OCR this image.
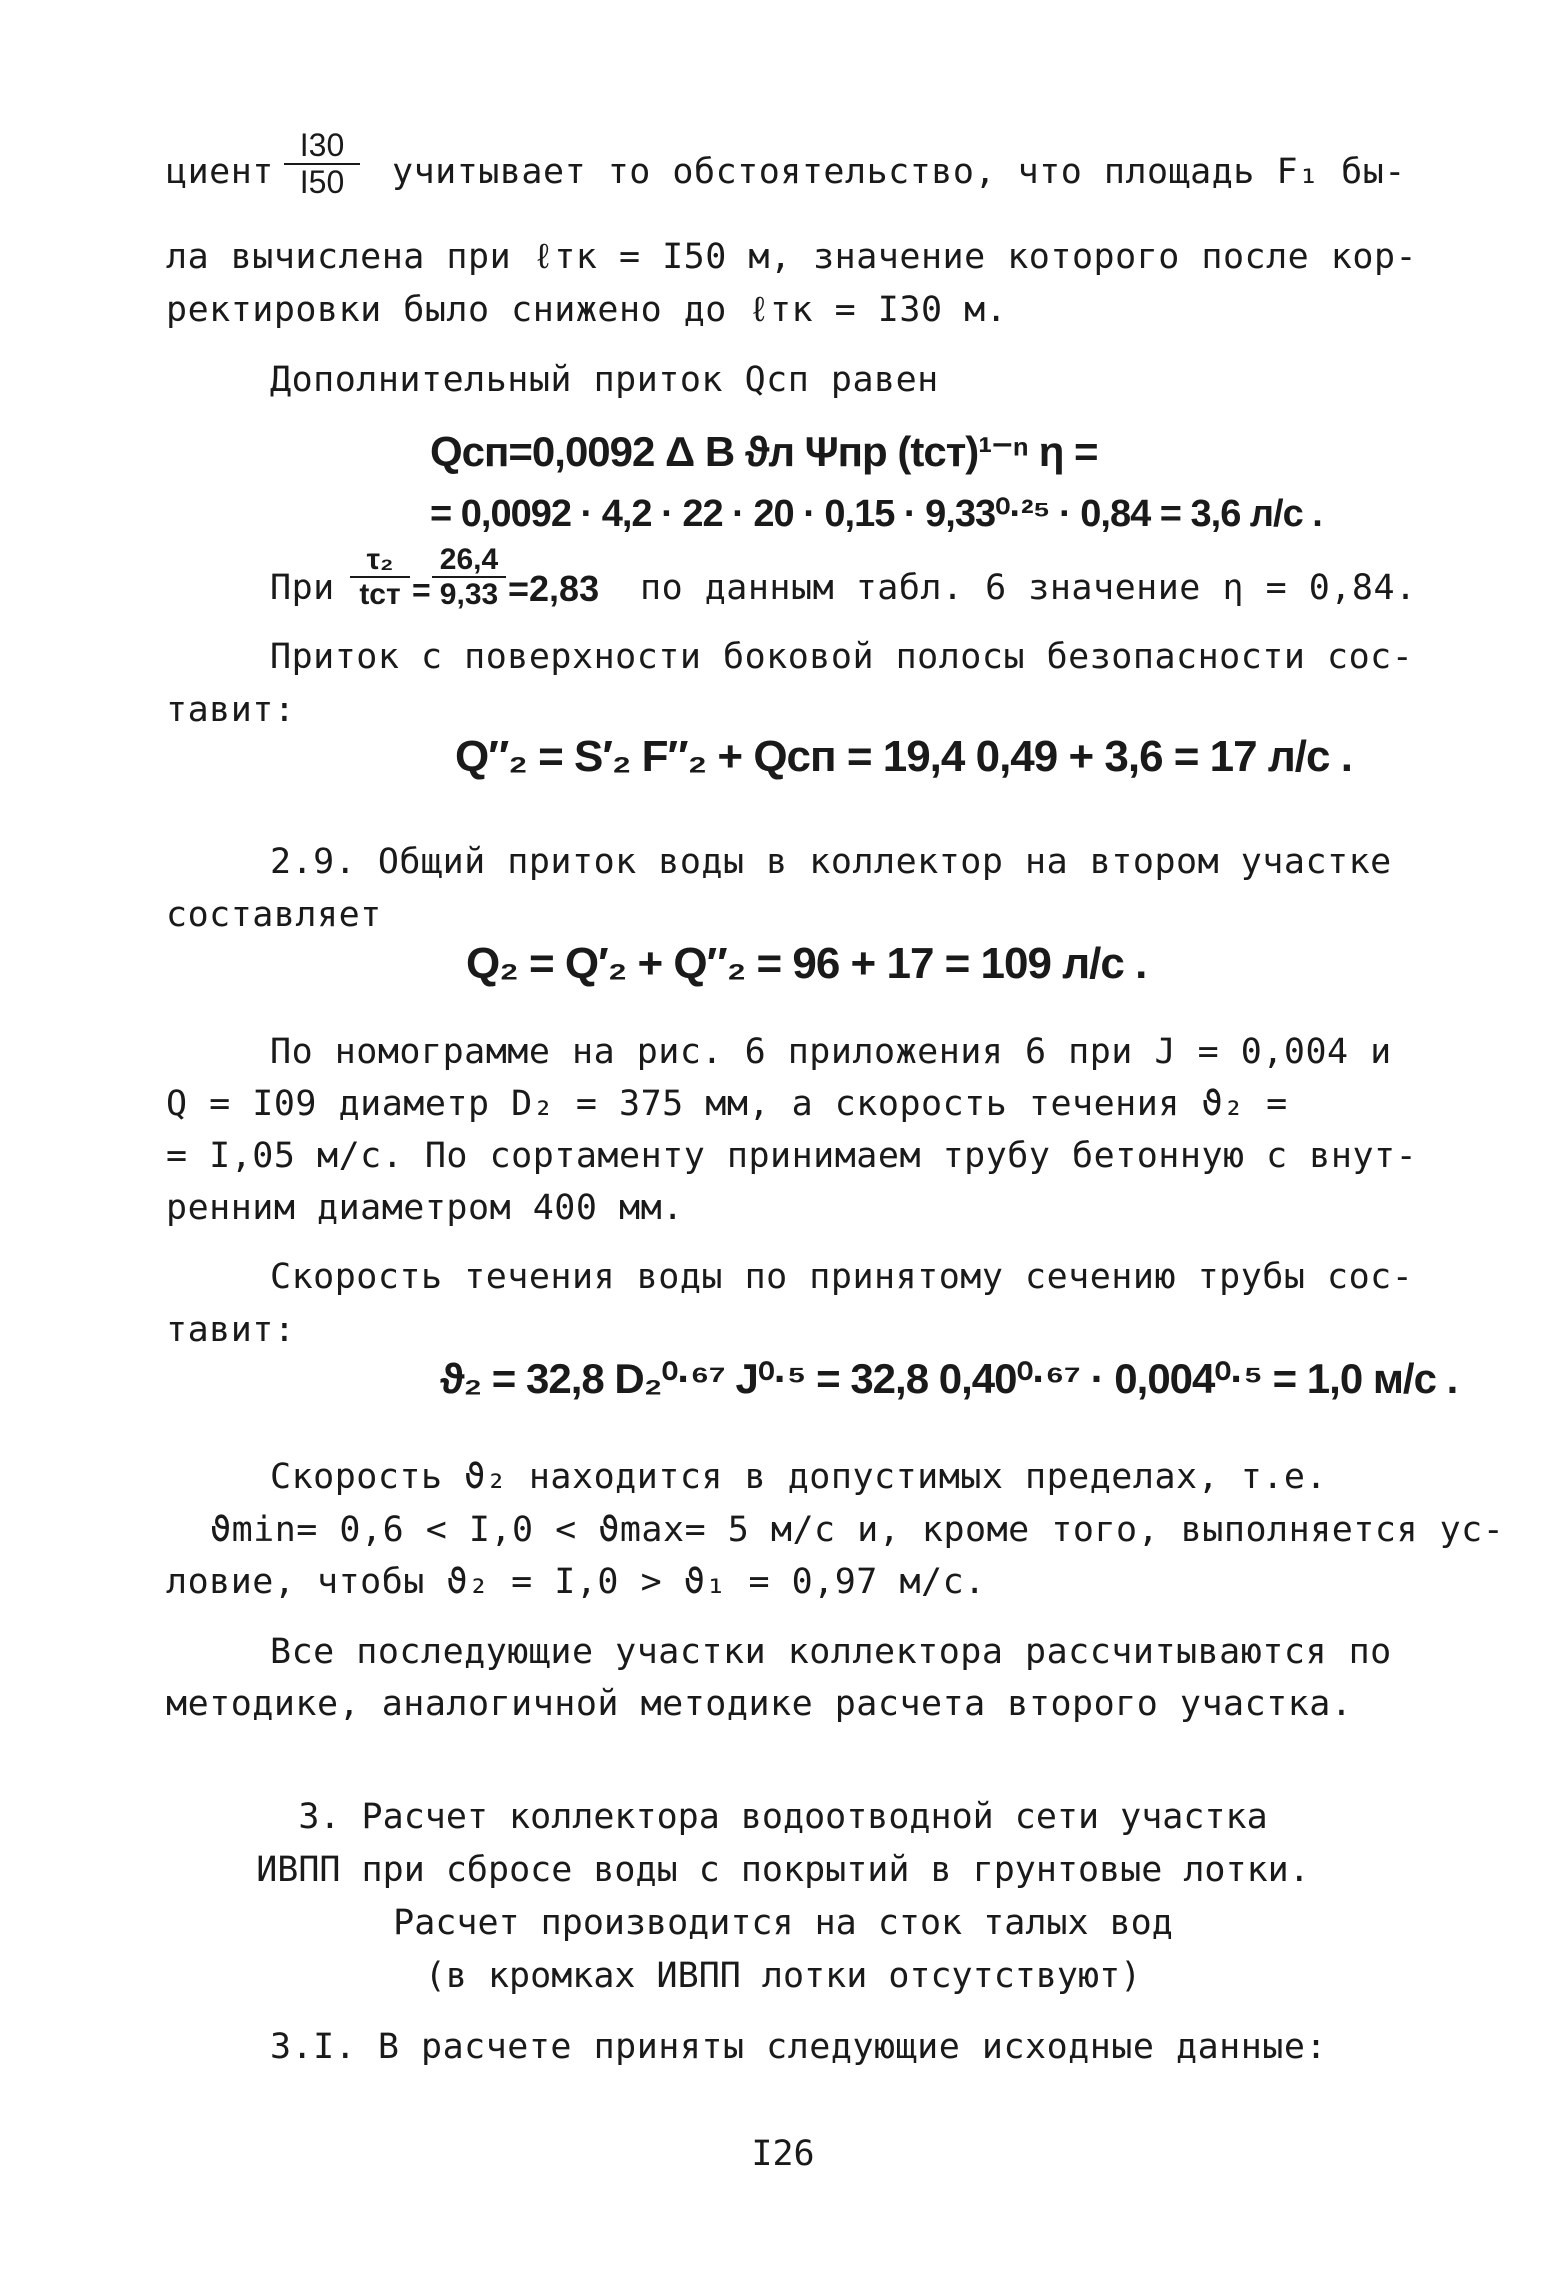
циент $\frac{I30}{I50}$ учитывает то обстоятельство, что площадь F₁ бы-
ла вычислена при ℓтк = I50 м, значение которого после кор-
ректировки было снижено до ℓтк = I30 м.
Дополнительный приток Qсп равен
Qсп=0,0092 Δ B ϑл Ψпр (tст)¹⁻ⁿ η =
= 0,0092 · 4,2 · 22 · 20 · 0,15 · 9,33⁰·²⁵ · 0,84 = 3,6 л/с .
При
τ₂
tст = $\frac{26,4}{9,33} =2,83$ по данным табл. 6 значение η = 0,84.
Приток с поверхности боковой полосы безопасности сос-
тавит:
Q″₂ = S′₂ F″₂ + Qсп = 19,4 0,49 + 3,6 = 17 л/с .
2.9. Общий приток воды в коллектор на втором участке
составляет
Q₂ = Q′₂ + Q″₂ = 96 + 17 = 109 л/с .
По номограмме на рис. 6 приложения 6 при J = 0,004 и
Q = I09 диаметр D₂ = 375 мм, а скорость течения ϑ₂ =
= I,05 м/с. По сортаменту принимаем трубу бетонную с внут-
ренним диаметром 400 мм.
Скорость течения воды по принятому сечению трубы сос-
тавит:
ϑ₂ = 32,8 D₂⁰·⁶⁷ J⁰·⁵ = 32,8 0,40⁰·⁶⁷ · 0,004⁰·⁵ = 1,0 м/с .
Скорость ϑ₂ находится в допустимых пределах, т.е.
ϑmin= 0,6 < I,0 < ϑmax= 5 м/с и, кроме того, выполняется ус-
ловие, чтобы ϑ₂ = I,0 > ϑ₁ = 0,97 м/с.
Все последующие участки коллектора рассчитываются по
методике, аналогичной методике расчета второго участка.
3. Расчет коллектора водоотводной сети участка
ИВПП при сбросе воды с покрытий в грунтовые лотки.
Расчет производится на сток талых вод
(в кромках ИВПП лотки отсутствуют)
3.I. В расчете приняты следующие исходные данные:
I26
